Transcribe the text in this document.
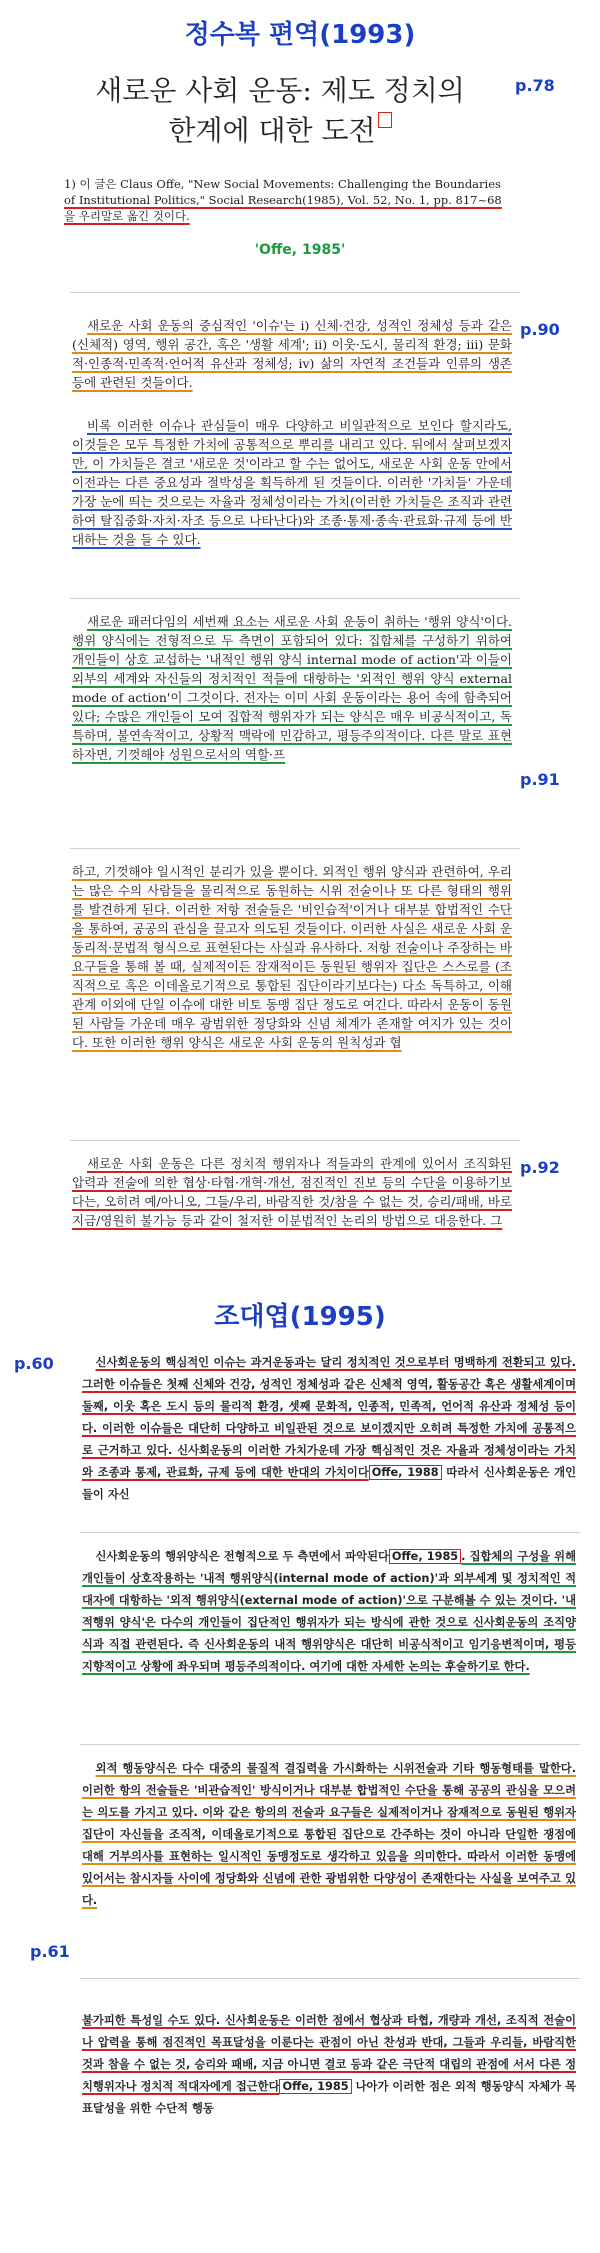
정수복 편역(1993)
새로운 사회 운동: 제도 정치의
한계에 대한 도전
p.78
1) 이 글은 Claus Offe, "New Social Movements: Challenging the Boundaries
of Institutional Politics," Social Research(1985), Vol. 52, No. 1, pp. 817~68
을 우리말로 옮긴 것이다.
'Offe, 1985'
p.90
새로운 사회 운동의 중심적인 '이슈'는 i) 신체·건강, 성적인 정체성 등과 같은 (신체적) 영역, 행위 공간, 혹은 '생활 세계'; ii) 이웃·도시, 물리적 환경; iii) 문화적·인종적·민족적·언어적 유산과 정체성; iv) 삶의 자연적 조건들과 인류의 생존 등에 관련된 것들이다.
비록 이러한 이슈나 관심들이 매우 다양하고 비일관적으로 보인다 할지라도, 이것들은 모두 특정한 가치에 공통적으로 뿌리를 내리고 있다. 뒤에서 살펴보겠지만, 이 가치들은 결코 '새로운 것'이라고 할 수는 없어도, 새로운 사회 운동 안에서 이전과는 다른 중요성과 절박성을 획득하게 된 것들이다. 이러한 '가치들' 가운데 가장 눈에 띄는 것으로는 자율과 정체성이라는 가치(이러한 가치들은 조직과 관련하여 탈집중화·자치·자조 등으로 나타난다)와 조종·통제·종속·관료화·규제 등에 반대하는 것을 들 수 있다.
p.91
새로운 패러다임의 세번째 요소는 새로운 사회 운동이 취하는 '행위 양식'이다. 행위 양식에는 전형적으로 두 측면이 포함되어 있다: 집합체를 구성하기 위하여 개인들이 상호 교섭하는 '내적인 행위 양식 internal mode of action'과 이들이 외부의 세계와 자신들의 정치적인 적들에 대항하는 '외적인 행위 양식 external mode of action'이 그것이다. 전자는 이미 사회 운동이라는 용어 속에 함축되어 있다; 수많은 개인들이 모여 집합적 행위자가 되는 양식은 매우 비공식적이고, 독특하며, 불연속적이고, 상황적 맥락에 민감하고, 평등주의적이다. 다른 말로 표현하자면, 기껏해야 성원으로서의 역할·프
하고, 기껏해야 일시적인 분리가 있을 뿐이다. 외적인 행위 양식과 관련하여, 우리는 많은 수의 사람들을 물리적으로 동원하는 시위 전술이나 또 다른 형태의 행위를 발견하게 된다. 이러한 저항 전술들은 '비인습적'이거나 대부분 합법적인 수단을 통하여, 공공의 관심을 끌고자 의도된 것들이다. 이러한 사실은 새로운 사회 운동리적·문법적 형식으로 표현된다는 사실과 유사하다. 저항 전술이나 주장하는 바 요구들을 통해 볼 때, 실제적이든 잠재적이든 동원된 행위자 집단은 스스로를 (조직적으로 혹은 이데올로기적으로 통합된 집단이라기보다는) 다소 독특하고, 이해관계 이외에 단일 이슈에 대한 비토 동맹 집단 정도로 여긴다. 따라서 운동이 동원된 사람들 가운데 매우 광범위한 정당화와 신념 체계가 존재할 여지가 있는 것이다. 또한 이러한 행위 양식은 새로운 사회 운동의 원칙성과 협
p.92
새로운 사회 운동은 다른 정치적 행위자나 적들과의 관계에 있어서 조직화된 압력과 전술에 의한 협상·타협·개혁·개선, 점진적인 진보 등의 수단을 이용하기보다는, 오히려 예/아니오, 그들/우리, 바람직한 것/참을 수 없는 것, 승리/패배, 바로 지금/영원히 불가능 등과 같이 철저한 이분법적인 논리의 방법으로 대응한다. 그
조대엽(1995)
p.60	신사회운동의 핵심적인 이슈는 과거운동과는 달리 정치적인 것으로부터 명백하게 전환되고 있다. 그러한 이슈들은 첫째 신체와 건강, 성적인 정체성과 같은 신체적 영역, 활동공간 혹은 생활세계이며 둘째, 이웃 혹은 도시 등의 물리적 환경, 셋째 문화적, 인종적, 민족적, 언어적 유산과 정체성 등이다. 이러한 이슈들은 대단히 다양하고 비일관된 것으로 보이겠지만 오히려 특정한 가치에 공통적으로 근거하고 있다. 신사회운동의 이러한 가치가운데 가장 핵심적인 것은 자율과 정체성이라는 가치와 조종과 통제, 관료화, 규제 등에 대한 반대의 가치이다 Offe, 1988 따라서 신사회운동은 개인들이 자신
신사회운동의 행위양식은 전형적으로 두 측면에서 파악된다 Offe, 1985 . 집합체의 구성을 위해 개인들이 상호작용하는 '내적 행위양식(internal mode of action)'과 외부세계 및 정치적인 적대자에 대항하는 '외적 행위양식(external mode of action)'으로 구분해볼 수 있는 것이다. '내적행위 양식'은 다수의 개인들이 집단적인 행위자가 되는 방식에 관한 것으로 신사회운동의 조직양식과 직접 관련된다. 즉 신사회운동의 내적 행위양식은 대단히 비공식적이고 임기응변적이며, 평등지향적이고 상황에 좌우되며 평등주의적이다. 여기에 대한 자세한 논의는 후술하기로 한다.
p.61
외적 행동양식은 다수 대중의 물질적 결집력을 가시화하는 시위전술과 기타 행동형태를 말한다. 이러한 항의 전술들은 '비관습적인' 방식이거나 대부분 합법적인 수단을 통해 공공의 관심을 모으려는 의도를 가지고 있다. 이와 같은 항의의 전술과 요구들은 실제적이거나 잠재적으로 동원된 행위자 집단이 자신들을 조직적, 이데올로기적으로 통합된 집단으로 간주하는 것이 아니라 단일한 쟁점에 대해 거부의사를 표현하는 일시적인 동맹정도로 생각하고 있음을 의미한다. 따라서 이러한 동맹에 있어서는 참시자들 사이에 정당화와 신념에 관한 광범위한 다양성이 존재한다는 사실을 보여주고 있다.
불가피한 특성일 수도 있다. 신사회운동은 이러한 점에서 협상과 타협, 개량과 개선, 조직적 전술이나 압력을 통해 점진적인 목표달성을 이룬다는 관점이 아닌 찬성과 반대, 그들과 우리들, 바람직한 것과 참을 수 없는 것, 승리와 패배, 지금 아니면 결코 등과 같은 극단적 대립의 관점에 서서 다른 정치행위자나 정치적 적대자에게 접근한다 Offe, 1985 나아가 이러한 점은 외적 행동양식 자체가 목표달성을 위한 수단적 행동
